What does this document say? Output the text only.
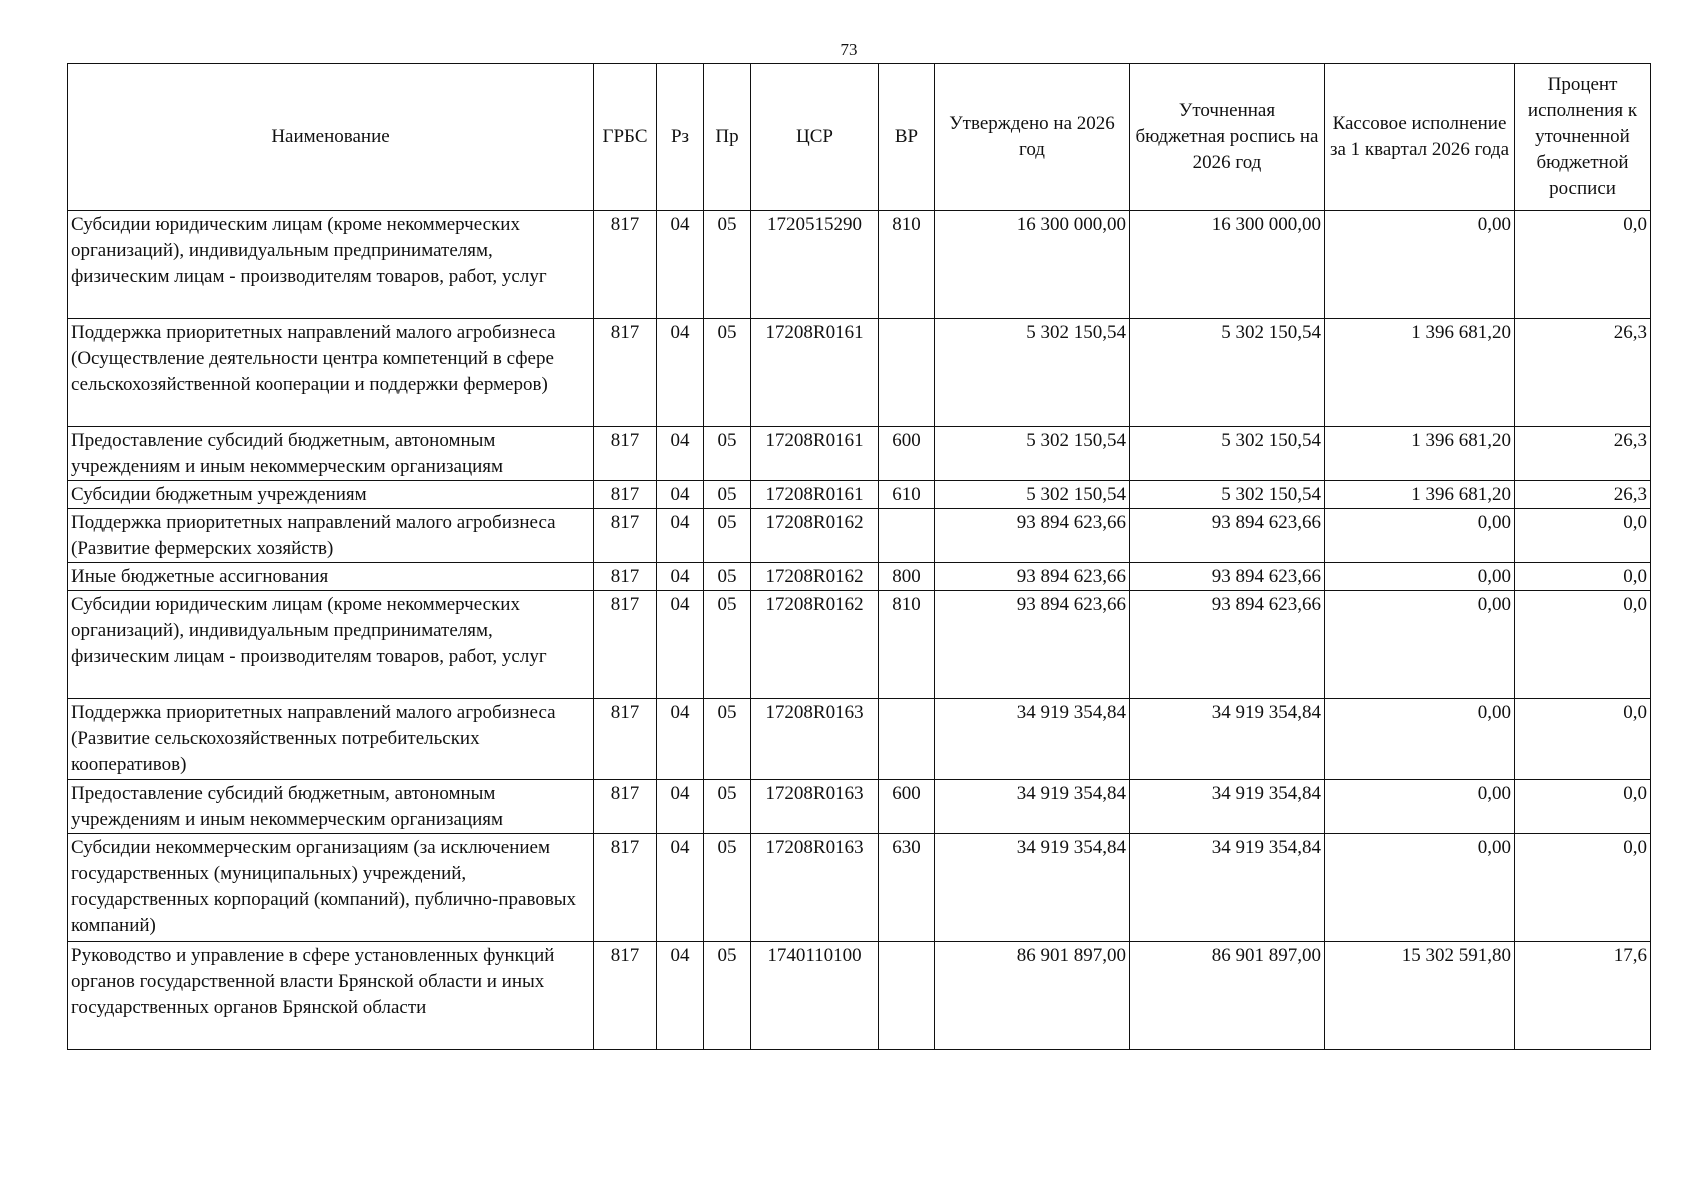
73
Наименование	ГРБС	Рз	Пр	ЦСР	ВР	Утверждено на 2026 год	Уточненная бюджетная роспись на 2026 год	Кассовое исполнение за 1 квартал 2026 года	Процент исполнения к уточненной бюджетной росписи
Субсидии юридическим лицам (кроме некоммерческих организаций), индивидуальным предпринимателям, физическим лицам - производителям товаров, работ, услуг	817	04	05	1720515290	810	16 300 000,00	16 300 000,00	0,00	0,0
Поддержка приоритетных направлений малого агробизнеса (Осуществление деятельности центра компетенций в сфере сельскохозяйственной кооперации и поддержки фермеров)	817	04	05	17208R0161		5 302 150,54	5 302 150,54	1 396 681,20	26,3
Предоставление субсидий бюджетным, автономным учреждениям и иным некоммерческим организациям	817	04	05	17208R0161	600	5 302 150,54	5 302 150,54	1 396 681,20	26,3
Субсидии бюджетным учреждениям	817	04	05	17208R0161	610	5 302 150,54	5 302 150,54	1 396 681,20	26,3
Поддержка приоритетных направлений малого агробизнеса (Развитие фермерских хозяйств)	817	04	05	17208R0162		93 894 623,66	93 894 623,66	0,00	0,0
Иные бюджетные ассигнования	817	04	05	17208R0162	800	93 894 623,66	93 894 623,66	0,00	0,0
Субсидии юридическим лицам (кроме некоммерческих организаций), индивидуальным предпринимателям, физическим лицам - производителям товаров, работ, услуг	817	04	05	17208R0162	810	93 894 623,66	93 894 623,66	0,00	0,0
Поддержка приоритетных направлений малого агробизнеса (Развитие сельскохозяйственных потребительских кооперативов)	817	04	05	17208R0163		34 919 354,84	34 919 354,84	0,00	0,0
Предоставление субсидий бюджетным, автономным учреждениям и иным некоммерческим организациям	817	04	05	17208R0163	600	34 919 354,84	34 919 354,84	0,00	0,0
Субсидии некоммерческим организациям (за исключением государственных (муниципальных) учреждений, государственных корпораций (компаний), публично-правовых компаний)	817	04	05	17208R0163	630	34 919 354,84	34 919 354,84	0,00	0,0
Руководство и управление в сфере установленных функций органов государственной власти Брянской области и иных государственных органов Брянской области	817	04	05	1740110100		86 901 897,00	86 901 897,00	15 302 591,80	17,6
